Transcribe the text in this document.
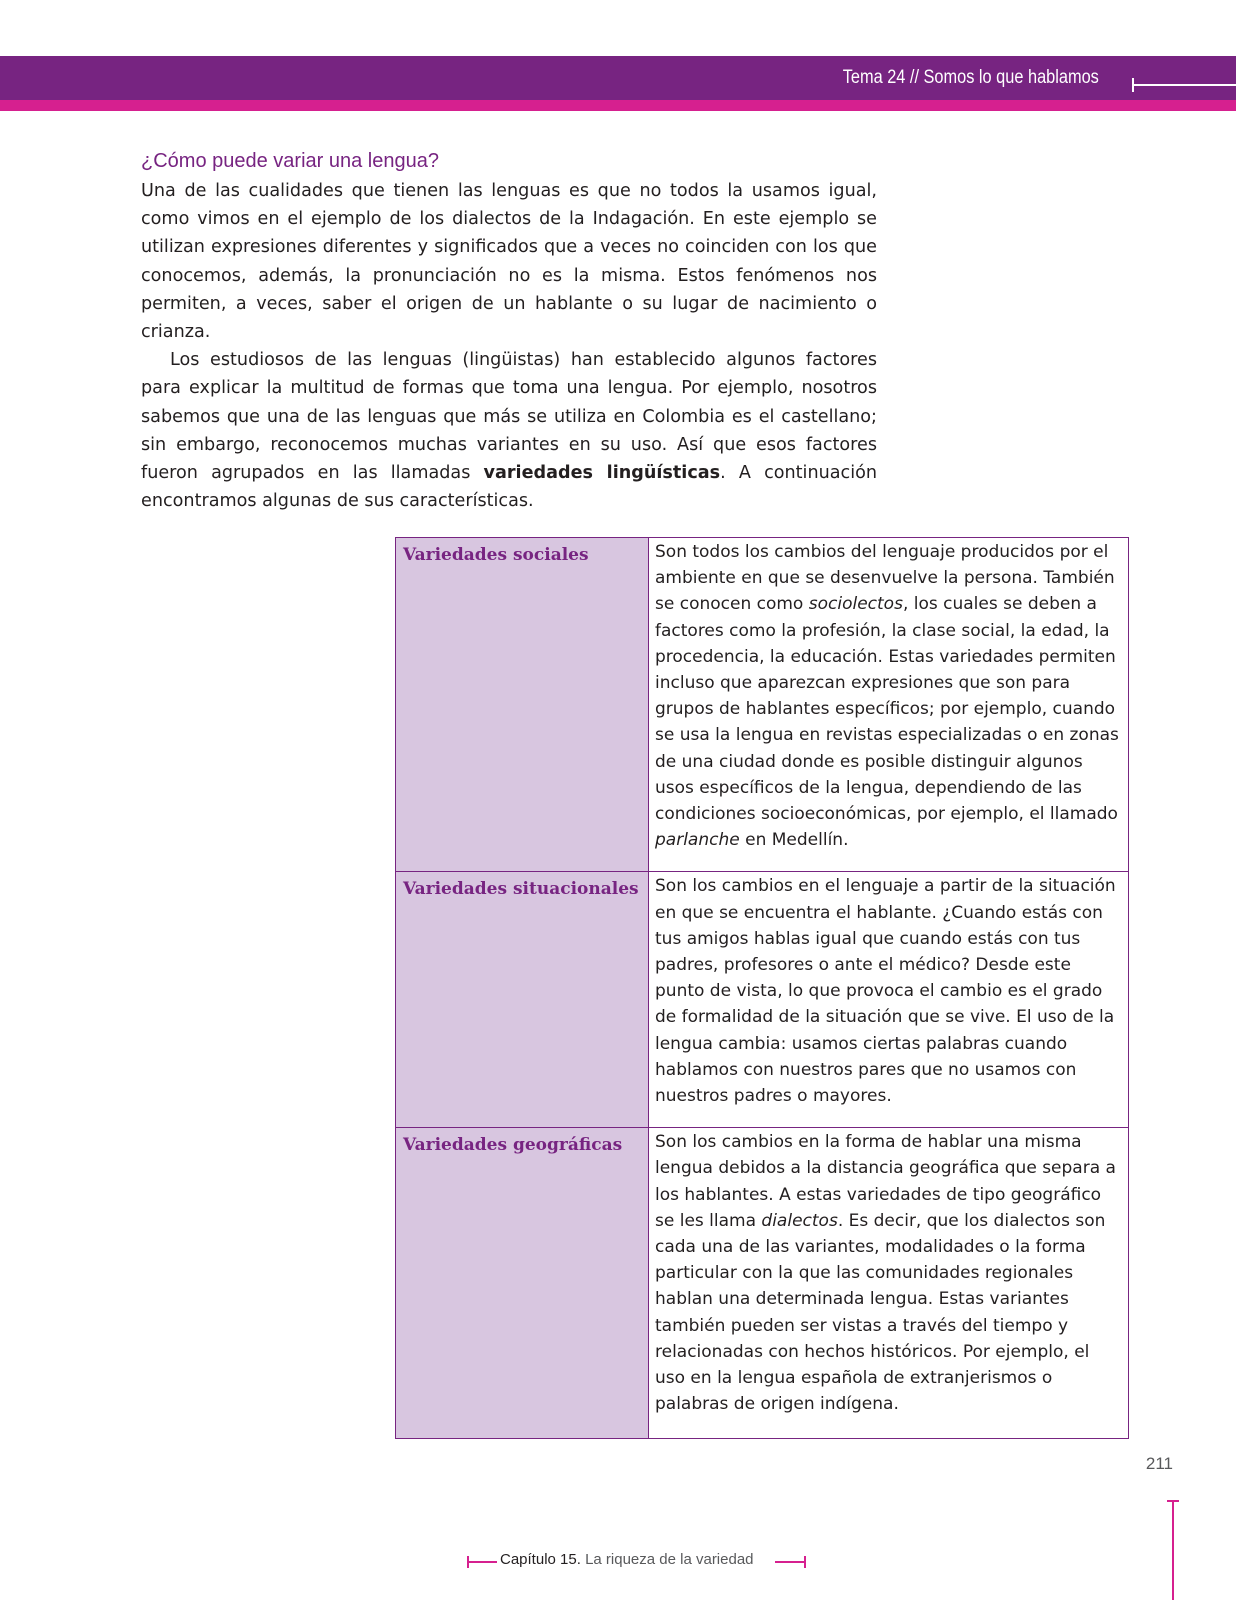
Tema 24 // Somos lo que hablamos
¿Cómo puede variar una lengua?

Una de las cualidades que tienen las lenguas es que no todos la usamos igual, como vimos en el ejemplo de los dialectos de la Indagación. En este ejemplo se utilizan expresiones diferentes y significados que a veces no coinciden con los que conocemos, además, la pronunciación no es la misma. Estos fenómenos nos permiten, a veces, saber el origen de un hablante o su lugar de nacimiento o crianza.

Los estudiosos de las lenguas (lingüistas) han establecido algunos factores para explicar la multitud de formas que toma una lengua. Por ejemplo, nosotros sabemos que una de las lenguas que más se utiliza en Colombia es el castellano; sin embargo, reconocemos muchas variantes en su uso. Así que esos factores fueron agrupados en las llamadas variedades lingüísticas. A continuación encontramos algunas de sus características.

Variedades sociales	Son todos los cambios del lenguaje producidos por el ambiente en que se desenvuelve la persona. También se conocen como sociolectos, los cuales se deben a factores como la profesión, la clase social, la edad, la procedencia, la educación. Estas variedades permiten incluso que aparezcan expresiones que son para grupos de hablantes específicos; por ejemplo, cuando se usa la lengua en revistas especializadas o en zonas de una ciudad donde es posible distinguir algunos usos específicos de la lengua, dependiendo de las condiciones socioeconómicas, por ejemplo, el llamado parlanche en Medellín.
Variedades situacionales	Son los cambios en el lenguaje a partir de la situación en que se encuentra el hablante. ¿Cuando estás con tus amigos hablas igual que cuando estás con tus padres, profesores o ante el médico? Desde este punto de vista, lo que provoca el cambio es el grado de formalidad de la situación que se vive. El uso de la lengua cambia: usamos ciertas palabras cuando hablamos con nuestros pares que no usamos con nuestros padres o mayores.
Variedades geográficas	Son los cambios en la forma de hablar una misma lengua debidos a la distancia geográfica que separa a los hablantes. A estas variedades de tipo geográfico se les llama dialectos. Es decir, que los dialectos son cada una de las variantes, modalidades o la forma particular con la que las comunidades regionales hablan una determinada lengua. Estas variantes también pueden ser vistas a través del tiempo y relacionadas con hechos históricos. Por ejemplo, el uso en la lengua española de extranjerismos o palabras de origen indígena.
211
Capítulo 15. La riqueza de la variedad
